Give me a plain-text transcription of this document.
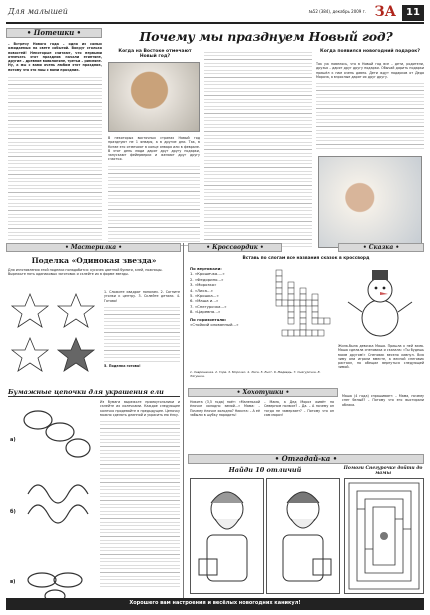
Для малышей	№52 (384), декабрь 2009 г. ЗА	11
• Потешки •

– Встречу Нового года – одно из самых ожидаемых на свете событий. Вокруг столько новостей! Некоторые считают, что первыми отмечать этот праздник начали египтяне, другие – древние вавилоняне, третьи – римляне. Ну, а мы с вами очень любим этот праздник, потому что это наш с вами праздник.

Почему мы празднуем Новый год?
Когда на Востоке отмечают Новый год?

В некоторых восточных странах Новый год празднуют не 1 января, а в другие дни. Так, в Китае его отмечают в конце января или в феврале. В этот день люди дарят друг другу подарки, запускают фейерверки и желают друг другу счастья.

Когда появился новогодний подарок?

Так уж повелось, что в Новый год все – дети, родители, друзья – дарят друг другу подарки. Обычай дарить подарки пришёл к нам очень давно. Дети ждут подарков от Деда Мороза, а взрослые дарят их друг другу.

• Мастерилка •
Поделка «Одинокая звезда»
Для изготовления этой поделки понадобится: кусочек цветной бумаги, клей, ножницы. Вырежьте пять одинаковых заготовок и склейте их в форме звезды.

1. Сложите квадрат пополам. 2. Согните уголки к центру. 3. Склейте детали. 4. Готово!

5. Поделка готова!

Бумажные цепочки для украшения ели
а)
б)
в)

Из бумаги вырежьте прямоугольники и склейте их колечками. Каждое следующее колечко продевайте в предыдущее. Цепочку можно сделать длинной и украсить ею ёлку.

• Кроссвордик •
Вставь по слогам все названия сказок в кроссворд
По вертикали:
1. «Крошечка-…»
2. «Федорино…»
3. «Морозко»
4. «Лиса…»
5. «Крошка…»
6. «Маша и…»
7. «Снегурочка…»
8. «Царевна…»
По горизонтали:
«Стойкий оловянный…»
1. Хаврошечка. 2. Горе. 3. Морозко. 4. Лиса. 5. Енот. 6. Медведь. 7. Снегурочка. 8. Лягушка.
• Сказка •

Жила-была девочка Маша. Пришла к ней зима. Маша сделала снеговика и сказала: «Ты будешь моим другом!» Снеговик весело кивнул. Всю зиму они играли вместе, а весной снеговик растаял, но обещал вернуться следующей зимой.

• Хохотушки •

Никита (3,5 года) поёт: «Маленькой ёлочке холодно зимой…» Мама: – Почему ёлочке холодно? Никита: – А её забыли в шубку нарядить!

– Мама, а Дед Мороз живёт на Северном полюсе? – Да. – А почему он тогда не замерзает? – Потому что он сам мороз!

Маша (4 года) спрашивает: – Мама, почему снег белый? – Потому что его выстирали облака.

• Отгадай-ка •
Найди 10 отличий	Помоги Снегурочке дойти до мамы
Хорошего вам настроения и весёлых новогодних каникул!
